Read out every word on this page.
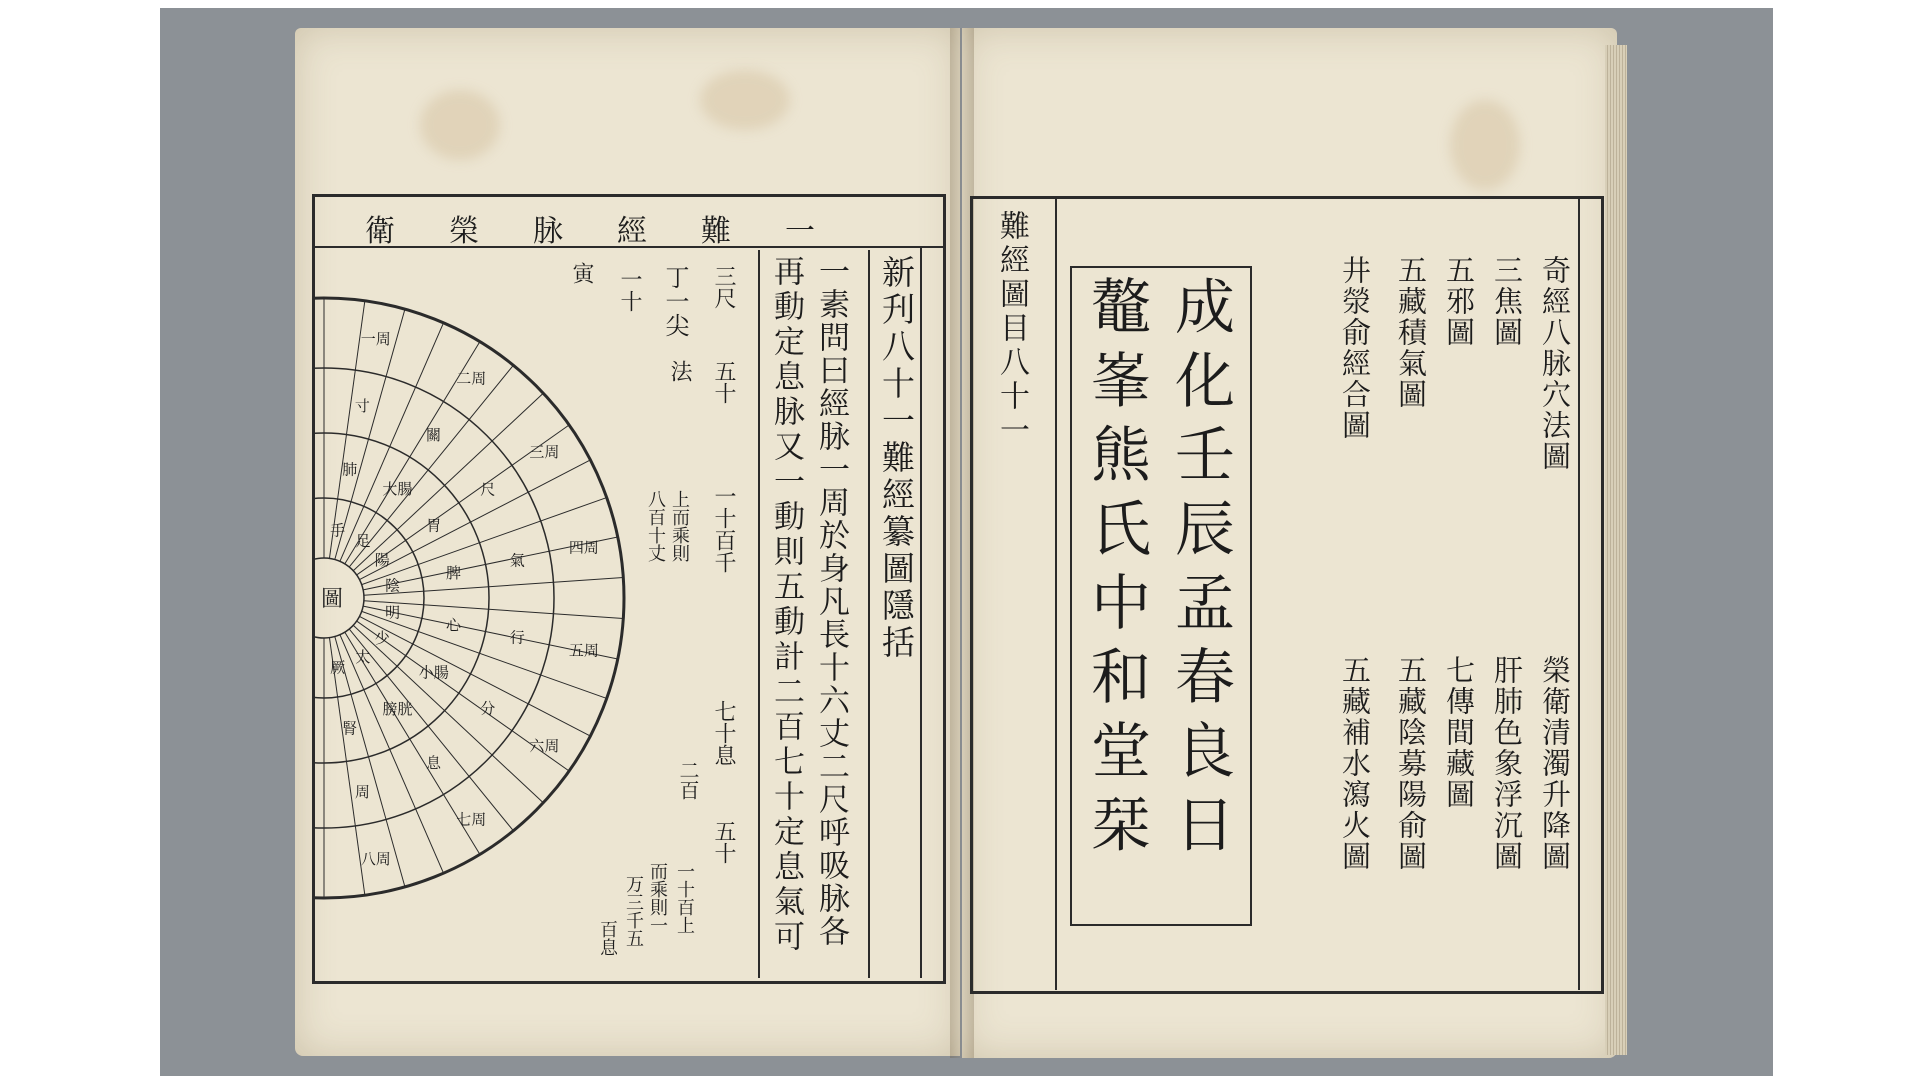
衛榮脉經難一
新刋八十一難經纂圖隱括
一素問曰經脉一周於身凡長十六丈二尺呼吸脉各
再動定息脉又一動則五動計二百七十定息氣可
三尺
五十
一十百千
七十息
五十
一十百上
丁一尖
法
二百
上而乘則
八百十丈
而乘則一
万三千五
百息
一十
寅
手
足
陽
陰
明
少
太
厥
肺
大腸
胃
脾
心
小腸
膀胱
腎
寸
關
尺
氣
行
分
息
周
一周
二周
三周
四周
五周
六周
七周
八周
圖
難經圖目八十一 成化壬辰孟春良日
鼇峯熊氏中和堂栞	奇經八脉穴法圖
三焦圖
五邪圖
五藏積氣圖
井滎俞經合圖
榮衛清濁升降圖
肝肺色象浮沉圖
七傳間藏圖
五藏陰募陽俞圖
五藏補水瀉火圖
